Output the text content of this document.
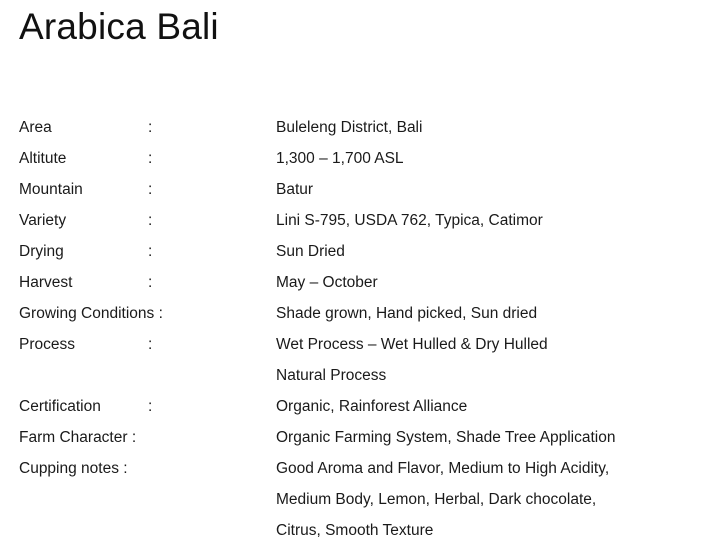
Arabica Bali
Area	:	Buleleng District, Bali
Altitute	:	1,300 – 1,700 ASL
Mountain	:	Batur
Variety	:	Lini S-795, USDA 762, Typica, Catimor
Drying	:	Sun Dried
Harvest	:	May – October
Growing Conditions :	Shade grown, Hand picked, Sun dried
Process	:	Wet Process – Wet Hulled & Dry Hulled
Natural Process
Certification	:	Organic, Rainforest Alliance
Farm Character :	Organic Farming System, Shade Tree Application
Cupping notes :	Good Aroma and Flavor, Medium to High Acidity,
Medium Body, Lemon, Herbal, Dark chocolate,
Citrus, Smooth Texture
